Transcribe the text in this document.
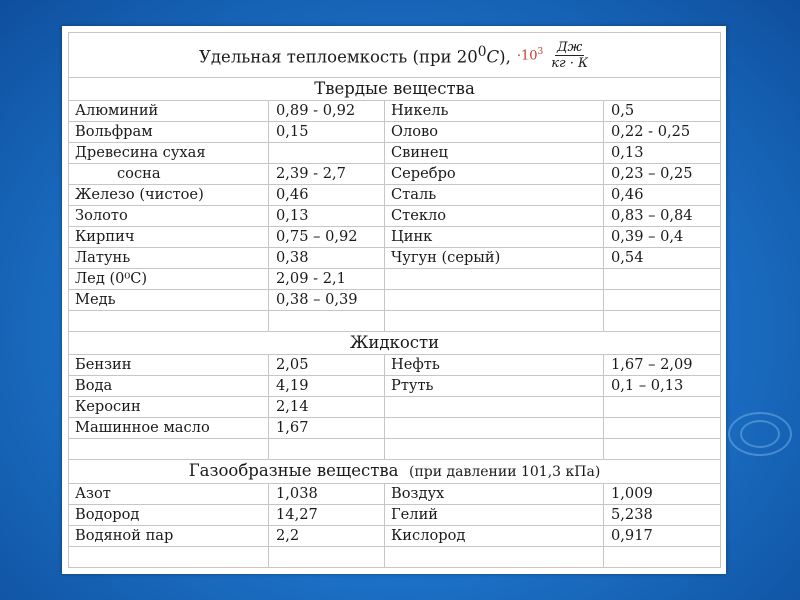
Удельная теплоемкость (при $20^0С$), $\cdot 10^3 \frac{Дж}{кг \cdot К}$

Твердые вещества			
Алюминий	0,89 - 0,92	Никель	0,5
Вольфрам	0,15	Олово	0,22 - 0,25
Древесина сухая		Свинец	0,13
сосна	2,39 - 2,7	Серебро	0,23 – 0,25
Железо (чистое)	0,46	Сталь	0,46
Золото	0,13	Стекло	0,83 – 0,84
Кирпич	0,75 – 0,92	Цинк	0,39 – 0,4
Латунь	0,38	Чугун (серый)	0,54
Лед (0⁰С)	2,09 - 2,1		
Медь	0,38 – 0,39		

Жидкости			
Бензин	2,05	Нефть	1,67 – 2,09
Вода	4,19	Ртуть	0,1 – 0,13
Керосин	2,14		
Машинное масло	1,67		

Газообразные вещества (при давлении 101,3 кПа)			
Азот	1,038	Воздух	1,009
Водород	14,27	Гелий	5,238
Водяной пар	2,2	Кислород	0,917
